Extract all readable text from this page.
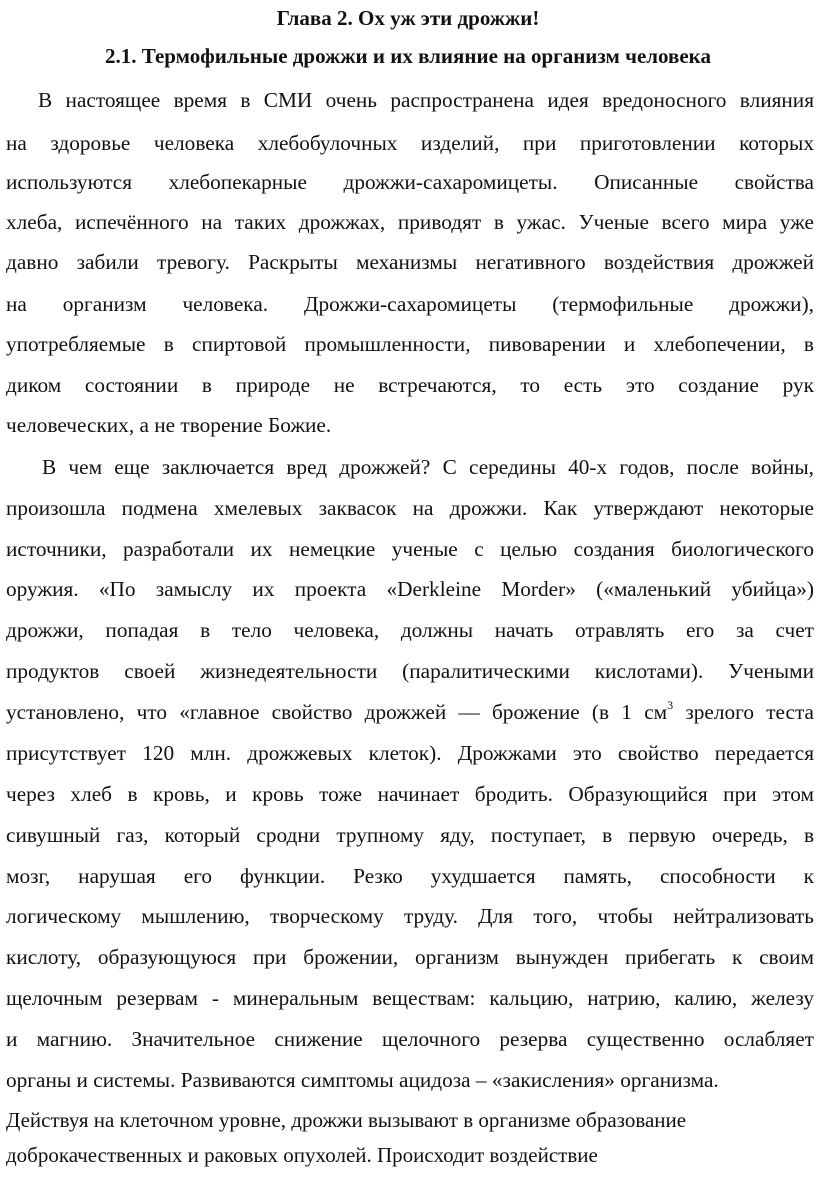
Глава 2. Ох уж эти дрожжи!
2.1. Термофильные дрожжи и их влияние на организм человека
В настоящее время в СМИ очень распространена идея вредоносного влияния
на здоровье человека хлебобулочных изделий, при приготовлении которых
используются хлебопекарные дрожжи-сахаромицеты. Описанные свойства
хлеба, испечённого на таких дрожжах, приводят в ужас. Ученые всего мира уже
давно забили тревогу. Раскрыты механизмы негативного воздействия дрожжей
на организм человека. Дрожжи-сахаромицеты (термофильные дрожжи),
употребляемые в спиртовой промышленности, пивоварении и хлебопечении, в
диком состоянии в природе не встречаются, то есть это создание рук
человеческих, а не творение Божие.
В чем еще заключается вред дрожжей? С середины 40-х годов, после войны,
произошла подмена хмелевых заквасок на дрожжи. Как утверждают некоторые
источники, разработали их немецкие ученые с целью создания биологического
оружия. «По замыслу их проекта «Derkleine Morder» («маленький убийца»)
дрожжи, попадая в тело человека, должны начать отравлять его за счет
продуктов своей жизнедеятельности (паралитическими кислотами). Учеными
установлено, что «главное свойство дрожжей — брожение (в 1 $см^3$ зрелого теста
присутствует 120 млн. дрожжевых клеток). Дрожжами это свойство передается
через хлеб в кровь, и кровь тоже начинает бродить. Образующийся при этом
сивушный газ, который сродни трупному яду, поступает, в первую очередь, в
мозг, нарушая его функции. Резко ухудшается память, способности к
логическому мышлению, творческому труду. Для того, чтобы нейтрализовать
кислоту, образующуюся при брожении, организм вынужден прибегать к своим
щелочным резервам - минеральным веществам: кальцию, натрию, калию, железу
и магнию. Значительное снижение щелочного резерва существенно ослабляет
органы и системы. Развиваются симптомы ацидоза – «закисления» организма.
Действуя на клеточном уровне, дрожжи вызывают в организме образование
доброкачественных и раковых опухолей. Происходит воздействие
